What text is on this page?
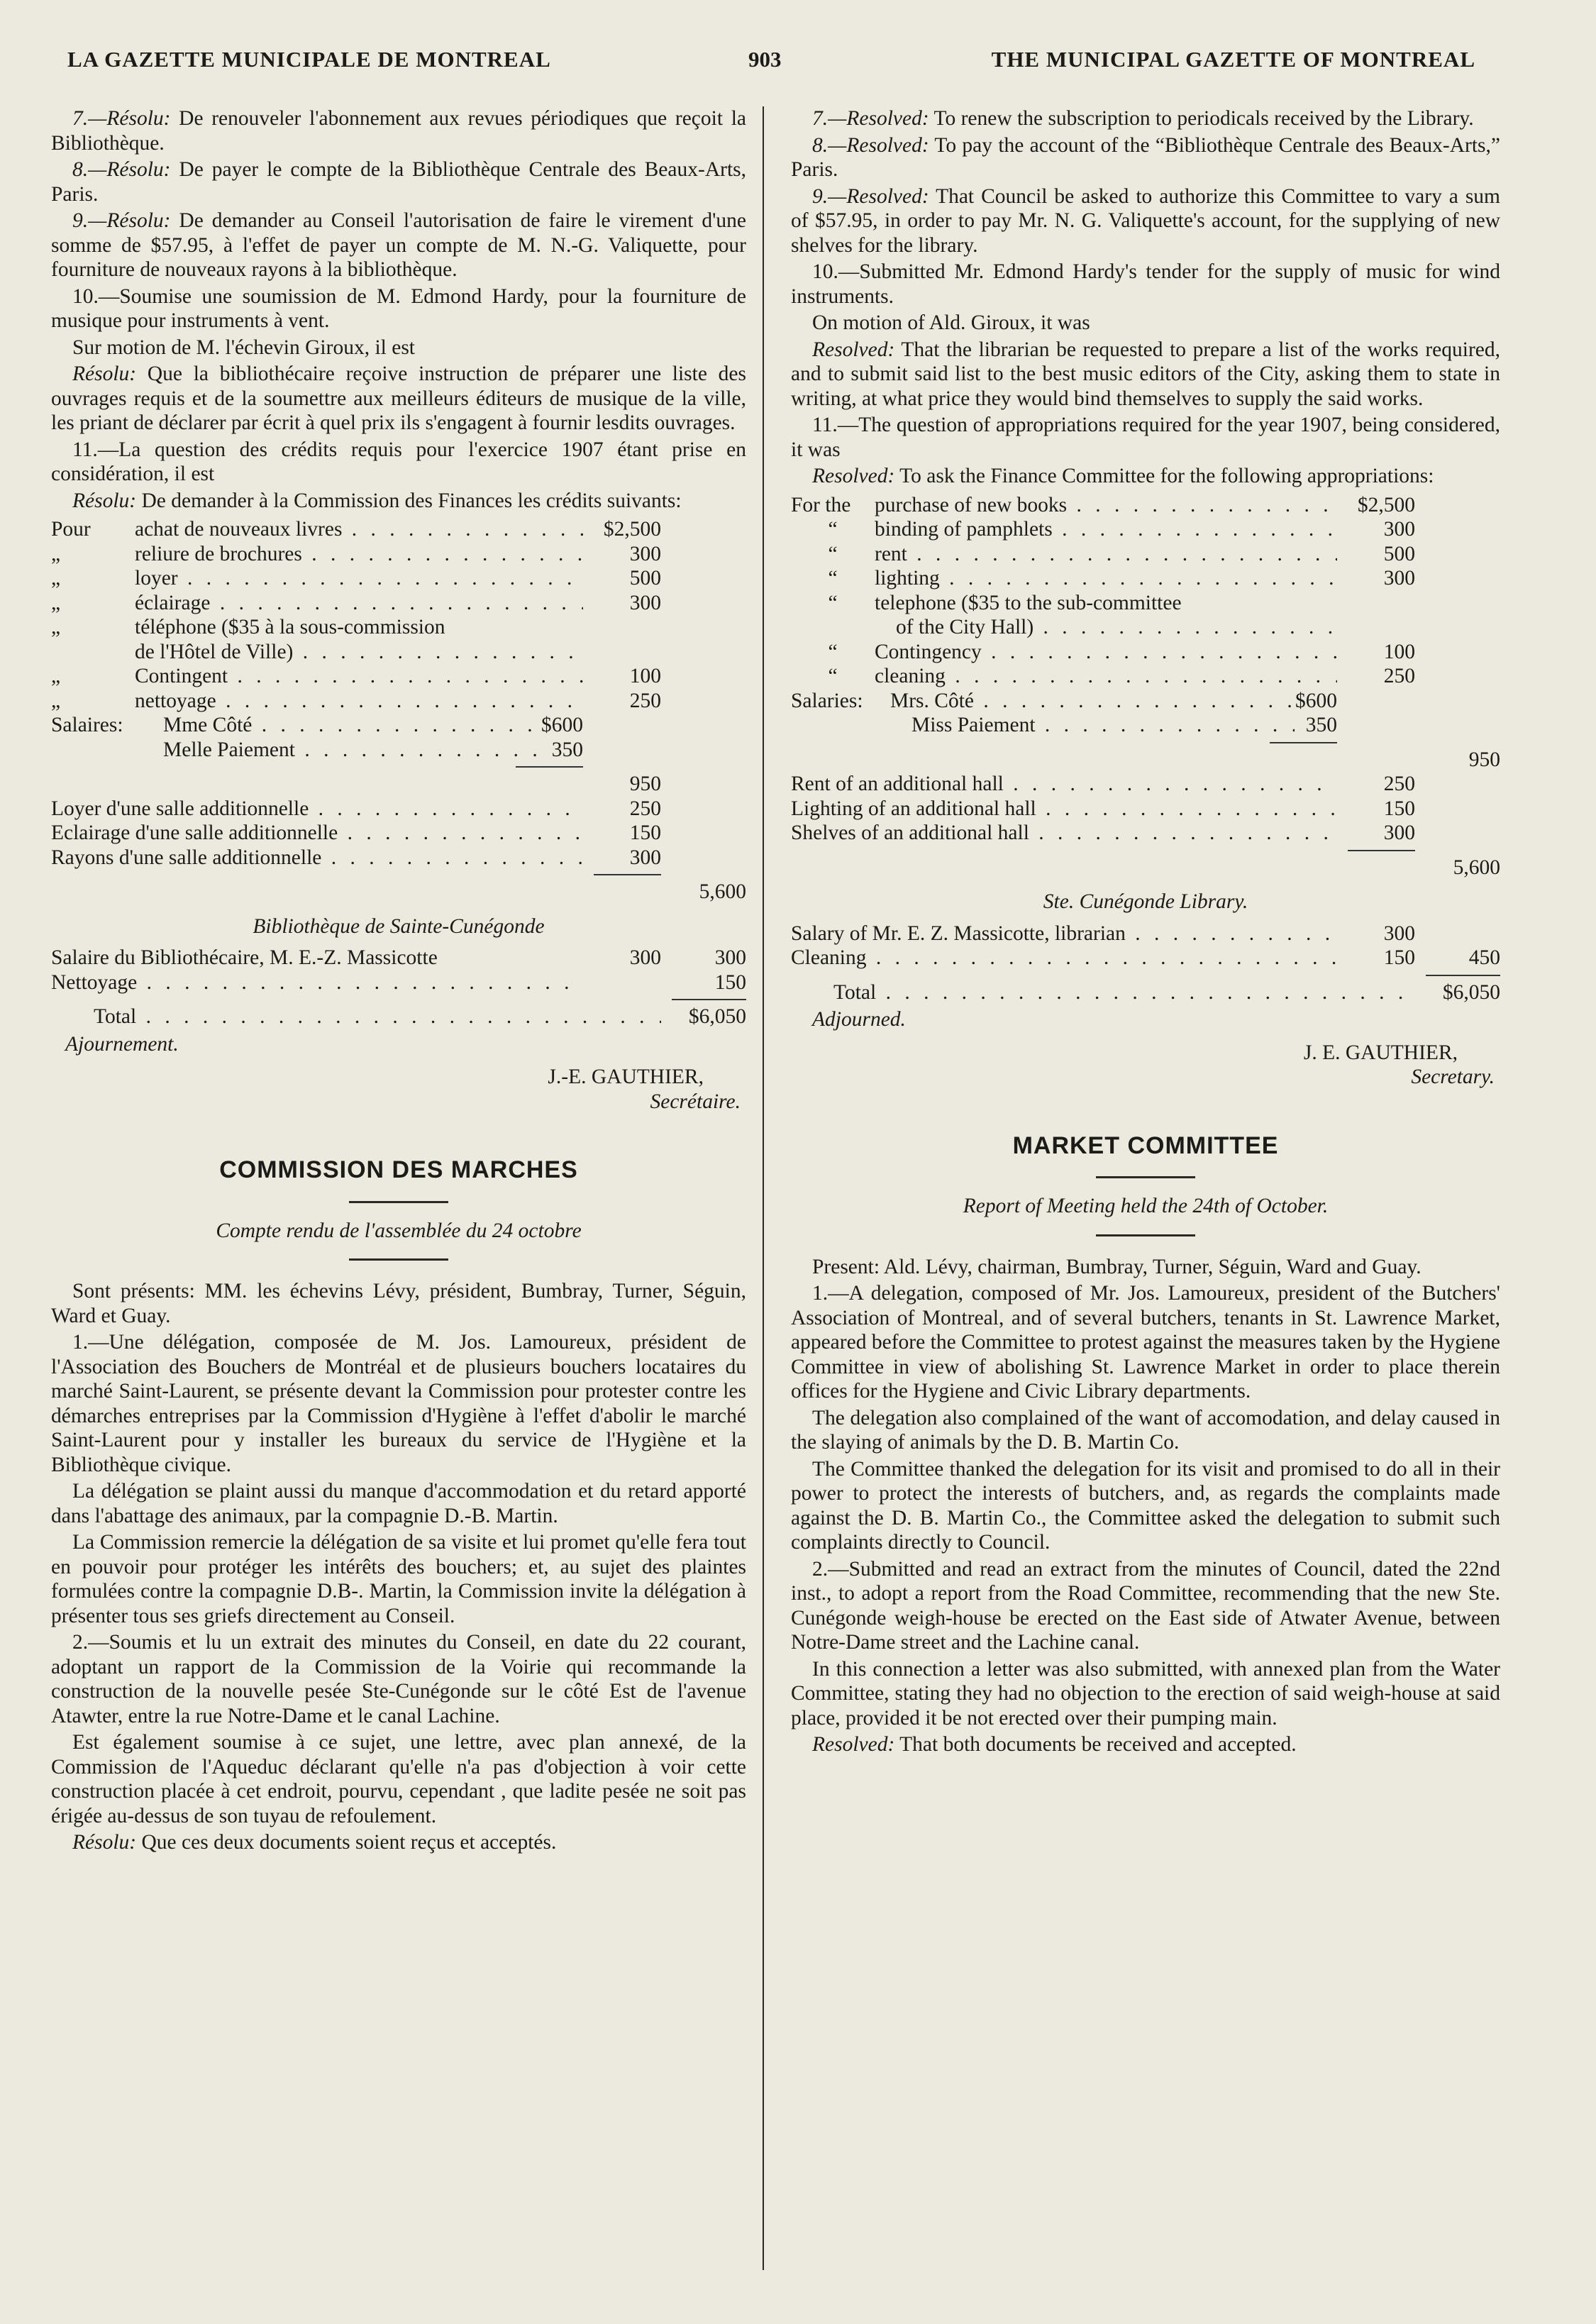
LA GAZETTE MUNICIPALE DE MONTREAL	903	THE MUNICIPAL GAZETTE OF MONTREAL

7.—Résolu: De renouveler l'abonnement aux revues périodiques que reçoit la Bibliothèque.

8.—Résolu: De payer le compte de la Bibliothèque Centrale des Beaux-Arts, Paris.

9.—Résolu: De demander au Conseil l'autorisation de faire le virement d'une somme de $57.95, à l'effet de payer un compte de M. N.-G. Valiquette, pour fourniture de nouveaux rayons à la bibliothèque.

10.—Soumise une soumission de M. Edmond Hardy, pour la fourniture de musique pour instruments à vent.

Sur motion de M. l'échevin Giroux, il est

Résolu: Que la bibliothécaire reçoive instruction de préparer une liste des ouvrages requis et de la soumettre aux meilleurs éditeurs de musique de la ville, les priant de déclarer par écrit à quel prix ils s'engagent à fournir lesdits ouvrages.

11.—La question des crédits requis pour l'exercice 1907 étant prise en considération, il est

Résolu: De demander à la Commission des Finances les crédits suivants:

Pour	achat de nouveaux livres . . .	$2,500
„	reliure de brochures . . .	300
„	loyer . . .	500
„	éclairage . . .	300
„	téléphone ($35 à la sous-commission
de l'Hôtel de Ville) . . .
„	Contingent . . .	100
„	nettoyage . . .	250
Salaires:	Mme Côté . . .	$600
Melle Paiement . . .	350
950
Loyer d'une salle additionnelle . . .	250
Eclairage d'une salle additionnelle . . .	150
Rayons d'une salle additionnelle . . .	300
5,600
Bibliothèque de Sainte-Cunégonde
Salaire du Bibliothécaire, M. E.-Z. Massicotte	300	300
Nettoyage . . .	150
Total . . .	$6,050

Ajournement.

J.-E. GAUTHIER,
Secrétaire.
COMMISSION DES MARCHES
Compte rendu de l'assemblée du 24 octobre

Sont présents: MM. les échevins Lévy, président, Bumbray, Turner, Séguin, Ward et Guay.

1.—Une délégation, composée de M. Jos. Lamoureux, président de l'Association des Bouchers de Montréal et de plusieurs bouchers locataires du marché Saint-Laurent, se présente devant la Commission pour protester contre les démarches entreprises par la Commission d'Hygiène à l'effet d'abolir le marché Saint-Laurent pour y installer les bureaux du service de l'Hygiène et la Bibliothèque civique.

La délégation se plaint aussi du manque d'accommodation et du retard apporté dans l'abattage des animaux, par la compagnie D.-B. Martin.

La Commission remercie la délégation de sa visite et lui promet qu'elle fera tout en pouvoir pour protéger les intérêts des bouchers; et, au sujet des plaintes formulées contre la compagnie D.B-. Martin, la Commission invite la délégation à présenter tous ses griefs directement au Conseil.

2.—Soumis et lu un extrait des minutes du Conseil, en date du 22 courant, adoptant un rapport de la Commission de la Voirie qui recommande la construction de la nouvelle pesée Ste-Cunégonde sur le côté Est de l'avenue Atawter, entre la rue Notre-Dame et le canal Lachine.

Est également soumise à ce sujet, une lettre, avec plan annexé, de la Commission de l'Aqueduc déclarant qu'elle n'a pas d'objection à voir cette construction placée à cet endroit, pourvu, cependant , que ladite pesée ne soit pas érigée au-dessus de son tuyau de refoulement.

Résolu: Que ces deux documents soient reçus et acceptés.

7.—Resolved: To renew the subscription to periodicals received by the Library.

8.—Resolved: To pay the account of the “Bibliothèque Centrale des Beaux-Arts,” Paris.

9.—Resolved: That Council be asked to authorize this Committee to vary a sum of $57.95, in order to pay Mr. N. G. Valiquette's account, for the supplying of new shelves for the library.

10.—Submitted Mr. Edmond Hardy's tender for the supply of music for wind instruments.

On motion of Ald. Giroux, it was

Resolved: That the librarian be requested to prepare a list of the works required, and to submit said list to the best music editors of the City, asking them to state in writing, at what price they would bind themselves to supply the said works.

11.—The question of appropriations required for the year 1907, being considered, it was

Resolved: To ask the Finance Committee for the following appropriations:

For the	purchase of new books . . .	$2,500
“	binding of pamphlets . . .	300
“	rent . . .	500
“	lighting . . .	300
“	telephone ($35 to the sub-committee
of the City Hall) . . .
“	Contingency . . .	100
“	cleaning . . .	250
Salaries:	Mrs. Côté . . .	$600
Miss Paiement . . .	350
950
Rent of an additional hall . . .	250
Lighting of an additional hall . . .	150
Shelves of an additional hall . . .	300
5,600
Ste. Cunégonde Library.
Salary of Mr. E. Z. Massicotte, librarian . . .	300
Cleaning . . .	150	450
Total . . .	$6,050

Adjourned.

J. E. GAUTHIER,
Secretary.
MARKET COMMITTEE
Report of Meeting held the 24th of October.

Present: Ald. Lévy, chairman, Bumbray, Turner, Séguin, Ward and Guay.

1.—A delegation, composed of Mr. Jos. Lamoureux, president of the Butchers' Association of Montreal, and of several butchers, tenants in St. Lawrence Market, appeared before the Committee to protest against the measures taken by the Hygiene Committee in view of abolishing St. Lawrence Market in order to place therein offices for the Hygiene and Civic Library departments.

The delegation also complained of the want of accomodation, and delay caused in the slaying of animals by the D. B. Martin Co.

The Committee thanked the delegation for its visit and promised to do all in their power to protect the interests of butchers, and, as regards the complaints made against the D. B. Martin Co., the Committee asked the delegation to submit such complaints directly to Council.

2.—Submitted and read an extract from the minutes of Council, dated the 22nd inst., to adopt a report from the Road Committee, recommending that the new Ste. Cunégonde weigh-house be erected on the East side of Atwater Avenue, between Notre-Dame street and the Lachine canal.

In this connection a letter was also submitted, with annexed plan from the Water Committee, stating they had no objection to the erection of said weigh-house at said place, provided it be not erected over their pumping main.

Resolved: That both documents be received and accepted.
